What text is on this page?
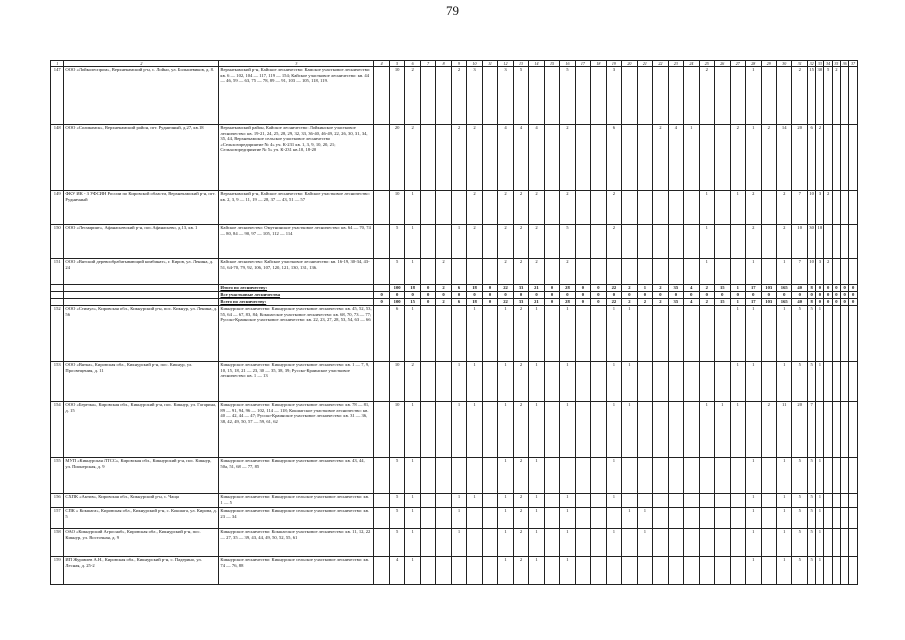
79
1	2	3	4	5	6	7	8	9	10	11	12	13	14	15	16	17	18	19	20	21	22	23	24	25	26	27	28	29	30	31	32	33	34	35	36	37
147	ООО «Лойколеспром», Верхнекамский р-н, с. Лойно, ул. Большевиков, д. 8.	Верхнекамский р-н, Кайское лесничество: Камское участковое лесничество: кв. 6 — 102, 104 — 117, 119 — 154; Кайское участковое лесничество: кв. 44 — 46, 59 — 63, 75 — 78, 89 — 91, 103 — 105, 118, 119.		10	2			2	3		3	5			5			3						2			1			2	15	30	5	2		
148	ООО «Соликамск», Верхнекамский район, пгт. Рудничный, д.27, кв.18	Верхнекамский район, Кайское лесничество: Лойкинское участковое лесничество: кв. 19-21, 24, 25, 28, 29, 32, 33, 36-40, 46-49, 22, 26, 30, 31, 34, 35, 44, Верхнекамское сельское участковое лесничество «Сельхозпредприятие № 4» уч. К-231 кв. 1, 3, 9, 10, 20, 21; Сельхозпредприятие № 5» уч. К-231 кв.10, 18-20		20	2			2	2		4	4	4		2			6			2	4	1			2	1	2	14	20	6	2				
149	ФКУ ИК - 3 УФСИН России по Кировской области, Верхнекамский р-н, пгт. Рудничный	Верхнекамский р-н, Кайское лесничество: Кайское участковое лесничество: кв. 2, 3, 9 — 11, 19 — 28, 37 — 43, 51 — 57		10	1				2		2	2	2		2			2						1		1	2		2	7	10	3	2			
150	ООО «Лесмарият», Афанасьевский р-н, пос.Афанасьево, д.13, кв. 1	Кайское лесничество: Омутнинское участковое лесничество: кв. 64 — 70, 74 — 80, 84 — 90, 97 — 105, 112 — 114		5	1			1	2		2	2	2		5			2						1			2		2	10	30	10				
151	ООО «Вятский деревообрабатывающий комбинат», г. Киров, ул. Ленина, д. 24	Кайское лесничество: Кайское участковое лесничество: кв. 16-19, 30-34, 43-51, 64-70, 79, 92, 106, 107, 120, 121, 130, 131, 136.		5	1		2				2	2	2		2									1			1		1	7	10	3	2			
		Итого по лесничеству:		100	18	0	2	6	18	0	22	33	21	0	28	0	0	22	2	1	2	35	4	2	15	1	17	103	165	40	8	0	0	0	0	0
		Все участковые лесничества	0	0	0	0	0	0	0	0	0	0	0	0	0	0	0	0	0	0	0	0	0	0	0	0	0	0	0	0	0	0	0	0	0	0
		Всего по лесничеству:	0	100	15	0	2	6	18	0	22	33	21	0	28	0	0	22	2	2	2	35	4	2	15	1	17	103	165	40	8	0	0	0	0	0
152	ООО «Стимул», Кировская обл., Кикнурский р-н, пос. Кикнур, ул. Ленина, д. 56	Кикнурское лесничество: Кикнурское участковое лесничество: кв. 45, 52, 53, 55, 64 — 67, 83, 84; Кокшагское участковое лесничество: кв. 68, 70, 73 — 77; Русско-Краинское участковое лесничество: кв. 22, 23, 27, 28, 53, 54, 63 — 66		6	1				1		1	2	1		1			1	1							1	1		1	5	5	1				
153	ООО «Вятка», Кировская обл., Кикнурский р-н, пос. Кикнур, ул. Просвещения, д. 11	Кикнурское лесничество: Кикнурское участковое лесничество: кв. 1 — 7, 9, 10, 15, 18, 21 — 23, 30 — 35, 38, 39; Русско-Краинское участковое лесничество: кв. 1 — 13		10	2			1	1		1	2	1		1			1	1							1	1		1	5	5	1				
154	ООО «Березка», Кировская обл., Кикнурский р-н, пос. Кикнур, ул. Гагарина, д. 15	Кикнурское лесничество: Кикнурское участковое лесничество: кв. 78 — 81, 89 — 91, 94, 96 — 102, 114 — 118; Кокшагское участковое лесничество: кв. 40 — 42, 44 — 47; Русско-Краинское участковое лесничество: кв. 31 — 36, 38, 42, 49, 50, 57 — 59, 61, 62		10	1			1	1		1	2	1		1			1	1					1	1	1		2	11	20	7					
155	МУП «Кикнурская ЛТСС», Кировская обл., Кикнурский р-н, пос. Кикнур, ул. Пионерская, д. 9	Кикнурское лесничество: Кикнурское участковое лесничество: кв. 43, 44, 50а, 51, 68 — 77, 85		5	1						1	2	1					1									1		1	5	5	1				
156	СХПК «Актив», Кировская обл., Кикнурский р-н, с. Чаща	Кикнурское лесничество: Кикнурское сельское участковое лесничество: кв. 1 — 5		5	1			1	1		1	2	1		1			1									1		1	5	5	1				
157	СПК « Кокшага», Кировская обл., Кикнурский р-н, с. Кокшага, ул. Кирова, д. 5	Кикнурское лесничество: Кикнурское сельское участковое лесничество: кв. 23 — 34		5	1			1			1	2	1		1				1	1							1		1	5	5	1				
158	ОАО «Кикнурский Агроснаб», Кировская обл., Кикнурский р-н, пос. Кикнур, ул. Восточная, д. 9	Кикнурское лесничество: Кокшагское участковое лесничество: кв. 11, 12, 22 — 27, 35 — 39, 43, 44, 49, 50, 52, 55, 61		5	1			1			1	2	1		1			1		1							1		1	5	5	1				
159	ИП Журавлев А.Н., Кировская обл., Кикнурский р-н, с. Падерино, ул. Лесная, д. 25-2	Кикнурское лесничество: Кикнурское сельское участковое лесничество: кв. 74 — 76, 88		4	1						1	2	1		1												1		1	5	5	1				
